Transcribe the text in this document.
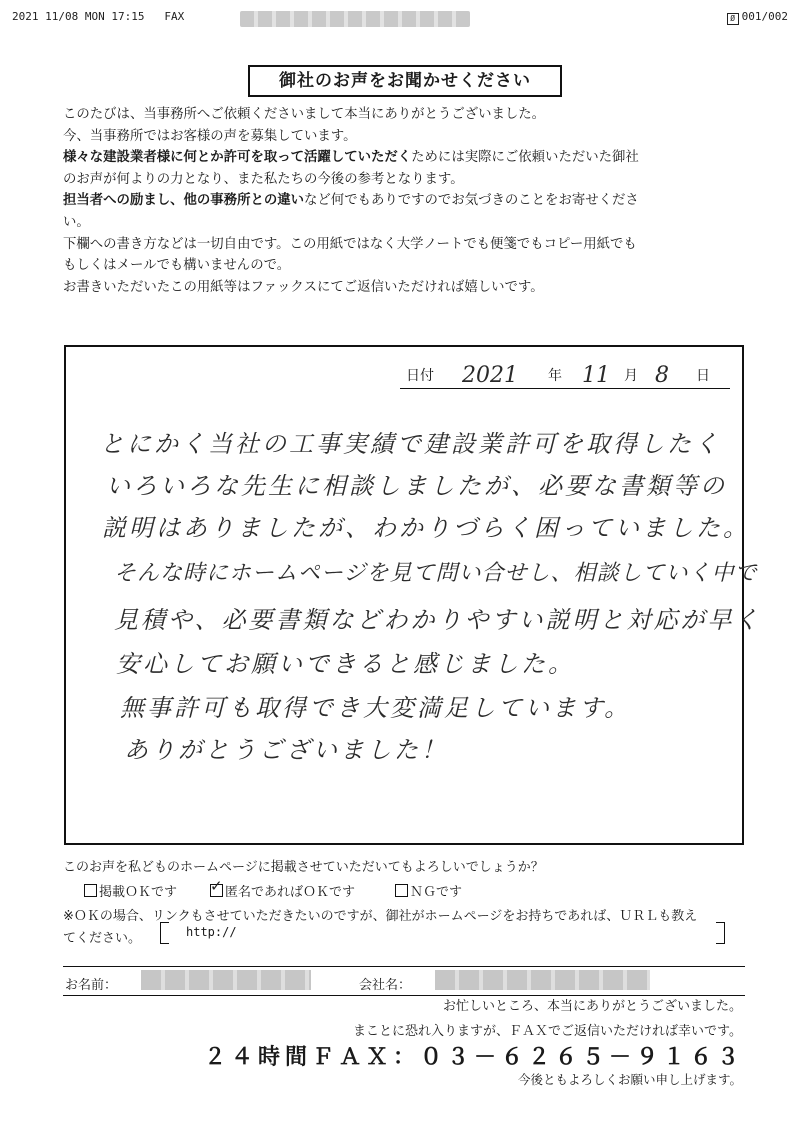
2021 11/08 MON 17:15 FAX	Ø 001/002
御社のお声をお聞かせください

このたびは、当事務所へご依頼くださいまして本当にありがとうございました。

今、当事務所ではお客様の声を募集しています。

様々な建設業者様に何とか許可を取って活躍していただくためには実際にご依頼いただいた御社

のお声が何よりの力となり、また私たちの今後の参考となります。

担当者への励まし、他の事務所との違いなど何でもありですのでお気づきのことをお寄せくださ

い。

下欄への書き方などは一切自由です。この用紙ではなく大学ノートでも便箋でもコピー用紙でも

もしくはメールでも構いませんので。

お書きいただいたこの用紙等はファックスにてご返信いただければ嬉しいです。

日付 2021 年 11 月 8 日
とにかく当社の工事実績で建設業許可を取得したく
いろいろな先生に相談しましたが、必要な書類等の
説明はありましたが、わかりづらく困っていました。
そんな時にホームページを見て問い合せし、相談していく中で
見積や、必要書類などわかりやすい説明と対応が早く
安心してお願いできると感じました。
無事許可も取得でき大変満足しています。
ありがとうございました！
このお声を私どものホームページに掲載させていただいてもよろしいでしょうか？
掲載ＯＫです
✓	匿名であればＯＫです	ＮＧです
※ＯＫの場合、リンクもさせていただきたいのですが、御社がホームページをお持ちであれば、ＵＲＬも教え
てください。	http://
お名前：	会社名：
お忙しいところ、本当にありがとうございました。
まことに恐れ入りますが、ＦＡＸでご返信いただければ幸いです。
２４時間ＦＡＸ：０３－６２６５－９１６３
今後ともよろしくお願い申し上げます。
